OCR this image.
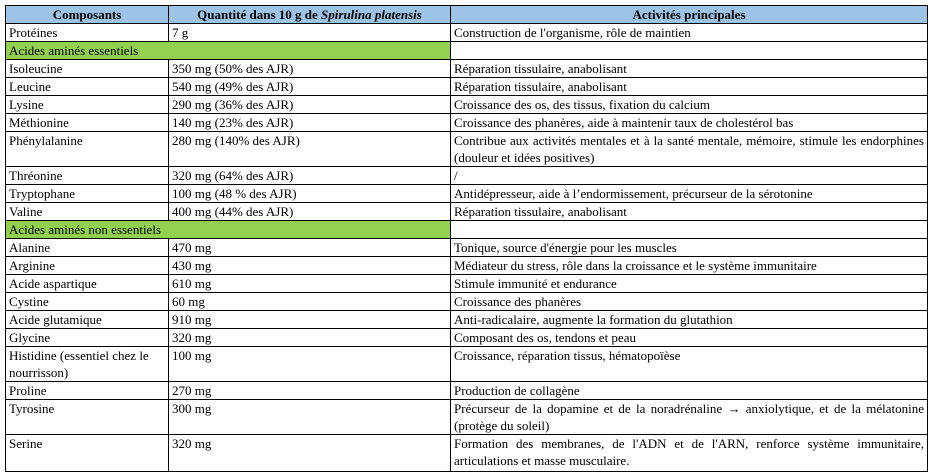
Composants	Quantité dans 10 g de Spirulina platensis	Activités principales
Protéines	7 g	Construction de l'organisme, rôle de maintien
Acides aminés essentiels		
Isoleucine	350 mg (50% des AJR)	Réparation tissulaire, anabolisant
Leucine	540 mg (49% des AJR)	Réparation tissulaire, anabolisant
Lysine	290 mg (36% des AJR)	Croissance des os, des tissus, fixation du calcium
Méthionine	140 mg (23% des AJR)	Croissance des phanères, aide à maintenir taux de cholestérol bas
Phénylalanine	280 mg (140% des AJR)	Contribue aux activités mentales et à la santé mentale, mémoire, stimule les endorphines (douleur et idées positives)
Thréonine	320 mg (64% des AJR)	/
Tryptophane	100 mg (48 % des AJR)	Antidépresseur, aide à l’endormissement, précurseur de la sérotonine
Valine	400 mg (44% des AJR)	Réparation tissulaire, anabolisant
Acides aminés non essentiels		
Alanine	470 mg	Tonique, source d'énergie pour les muscles
Arginine	430 mg	Médiateur du stress, rôle dans la croissance et le système immunitaire
Acide aspartique	610 mg	Stimule immunité et endurance
Cystine	60 mg	Croissance des phanères
Acide glutamique	910 mg	Anti-radicalaire, augmente la formation du glutathion
Glycine	320 mg	Composant des os, tendons et peau
Histidine (essentiel chez le nourrisson)	100 mg	Croissance, réparation tissus, hématopoïèse
Proline	270 mg	Production de collagène
Tyrosine	300 mg	Précurseur de la dopamine et de la noradrénaline → anxiolytique, et de la mélatonine (protège du soleil)
Serine	320 mg	Formation des membranes, de l'ADN et de l'ARN, renforce système immunitaire, articulations et masse musculaire.
